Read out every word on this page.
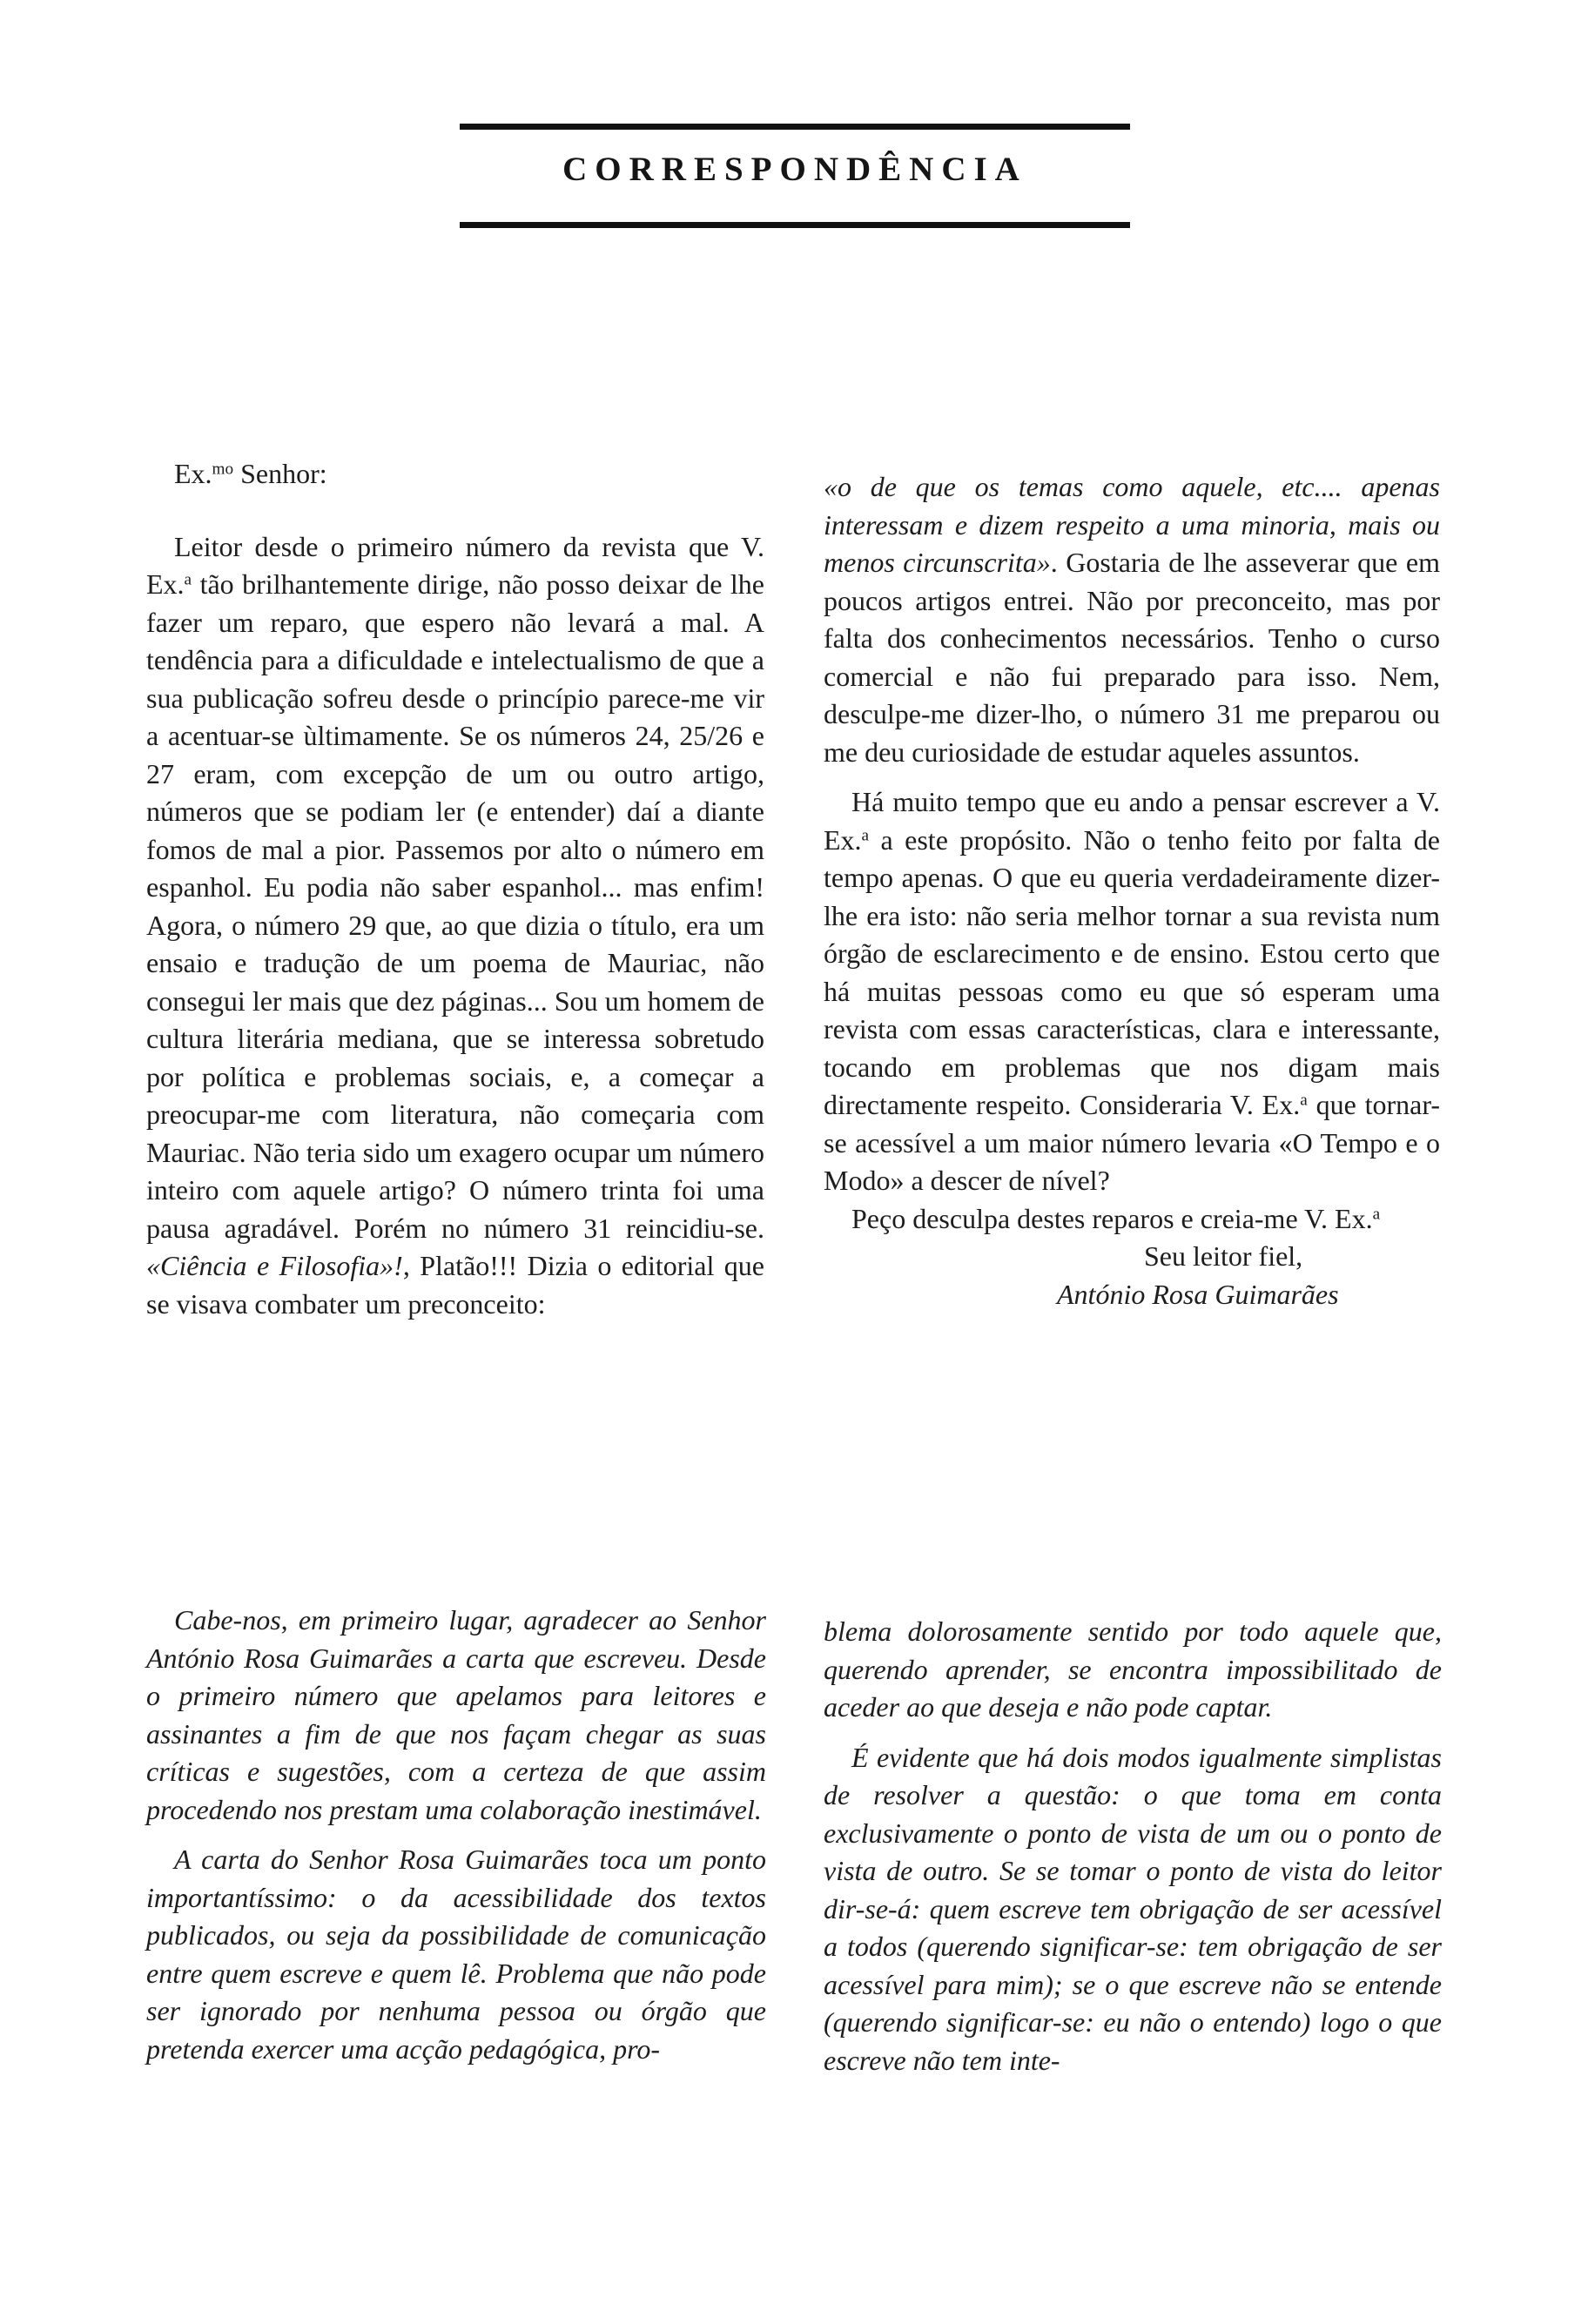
CORRESPONDÊNCIA

Ex.$^{mo}$ Senhor:

Leitor desde o primeiro número da revista que V. Ex.$^a$ tão brilhantemente dirige, não posso deixar de lhe fazer um reparo, que espero não levará a mal. A tendência para a dificuldade e intelectualismo de que a sua publicação sofreu desde o princípio parece-me vir a acentuar-se ùltimamente. Se os números 24, 25/26 e 27 eram, com excepção de um ou outro artigo, números que se podiam ler (e entender) daí a diante fomos de mal a pior. Passemos por alto o número em espanhol. Eu podia não saber espanhol... mas enfim! Agora, o número 29 que, ao que dizia o título, era um ensaio e tradução de um poema de Mauriac, não consegui ler mais que dez páginas... Sou um homem de cultura literária mediana, que se interessa sobretudo por política e problemas sociais, e, a começar a preocupar-me com literatura, não começaria com Mauriac. Não teria sido um exagero ocupar um número inteiro com aquele artigo? O número trinta foi uma pausa agradável. Porém no número 31 reincidiu-se. «Ciência e Filosofia»!, Platão!!! Dizia o editorial que se visava combater um preconceito:

«o de que os temas como aquele, etc.... apenas interessam e dizem respeito a uma minoria, mais ou menos circunscrita». Gostaria de lhe asseverar que em poucos artigos entrei. Não por preconceito, mas por falta dos conhecimentos necessários. Tenho o curso comercial e não fui preparado para isso. Nem, desculpe-me dizer-lho, o número 31 me preparou ou me deu curiosidade de estudar aqueles assuntos.

Há muito tempo que eu ando a pensar escrever a V. Ex.$^a$ a este propósito. Não o tenho feito por falta de tempo apenas. O que eu queria verdadeiramente dizer-lhe era isto: não seria melhor tornar a sua revista num órgão de esclarecimento e de ensino. Estou certo que há muitas pessoas como eu que só esperam uma revista com essas características, clara e interessante, tocando em problemas que nos digam mais directamente respeito. Consideraria V. Ex.$^a$ que tornar-se acessível a um maior número levaria «O Tempo e o Modo» a descer de nível?

Peço desculpa destes reparos e creia-me V. Ex.$^a$

Seu leitor fiel,

António Rosa Guimarães

Cabe-nos, em primeiro lugar, agradecer ao Senhor António Rosa Guimarães a carta que escreveu. Desde o primeiro número que apelamos para leitores e assinantes a fim de que nos façam chegar as suas críticas e sugestões, com a certeza de que assim procedendo nos prestam uma colaboração inestimável.

A carta do Senhor Rosa Guimarães toca um ponto importantíssimo: o da acessibilidade dos textos publicados, ou seja da possibilidade de comunicação entre quem escreve e quem lê. Problema que não pode ser ignorado por nenhuma pessoa ou órgão que pretenda exercer uma acção pedagógica, pro-

blema dolorosamente sentido por todo aquele que, querendo aprender, se encontra impossibilitado de aceder ao que deseja e não pode captar.

É evidente que há dois modos igualmente simplistas de resolver a questão: o que toma em conta exclusivamente o ponto de vista de um ou o ponto de vista de outro. Se se tomar o ponto de vista do leitor dir-se-á: quem escreve tem obrigação de ser acessível a todos (querendo significar-se: tem obrigação de ser acessível para mim); se o que escreve não se entende (querendo significar-se: eu não o entendo) logo o que escreve não tem inte-
